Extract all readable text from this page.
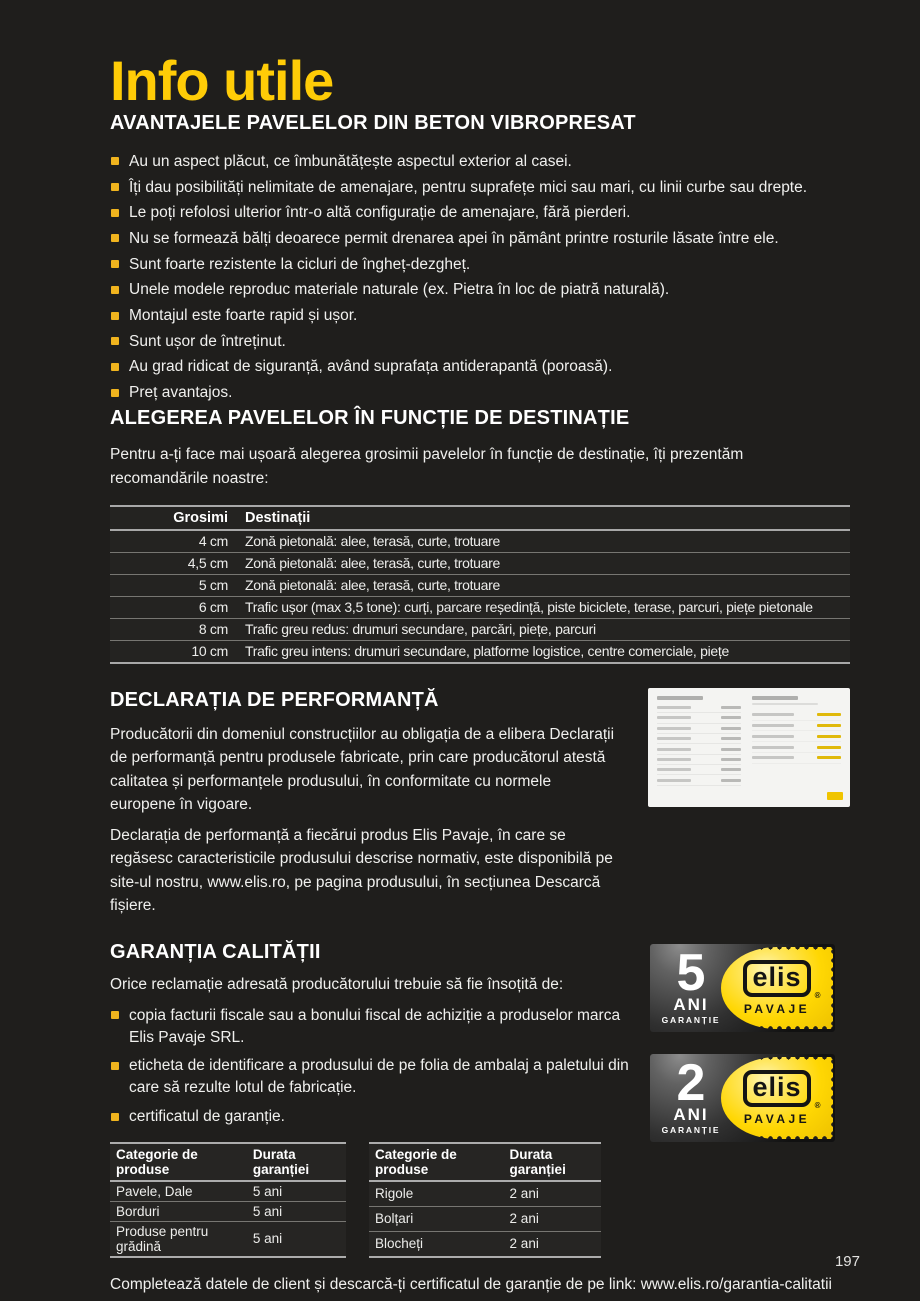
Info utile
AVANTAJELE PAVELELOR DIN BETON VIBROPRESAT
Au un aspect plăcut, ce îmbunătățește aspectul exterior al casei.
Îți dau posibilități nelimitate de amenajare, pentru suprafețe mici sau mari, cu linii curbe sau drepte.
Le poți refolosi ulterior într-o altă configurație de amenajare, fără pierderi.
Nu se formează bălți deoarece permit drenarea apei în pământ printre rosturile lăsate între ele.
Sunt foarte rezistente la cicluri de îngheț-dezgheț.
Unele modele reproduc materiale naturale (ex. Pietra în loc de piatră naturală).
Montajul este foarte rapid și ușor.
Sunt ușor de întreținut.
Au grad ridicat de siguranță, având suprafața antiderapantă (poroasă).
Preț avantajos.
ALEGEREA PAVELELOR ÎN FUNCȚIE DE DESTINAȚIE

Pentru a-ți face mai ușoară alegerea grosimii pavelelor în funcție de destinație, îți prezentăm recomandările noastre:

Grosimi	Destinații
4 cm	Zonă pietonală: alee, terasă, curte, trotuare
4,5 cm	Zonă pietonală: alee, terasă, curte, trotuare
5 cm	Zonă pietonală: alee, terasă, curte, trotuare
6 cm	Trafic ușor (max 3,5 tone): curți, parcare reședință, piste biciclete, terase, parcuri, piețe pietonale
8 cm	Trafic greu redus: drumuri secundare, parcări, piețe, parcuri
10 cm	Trafic greu intens: drumuri secundare, platforme logistice, centre comerciale, piețe
DECLARAȚIA DE PERFORMANȚĂ

Producătorii din domeniul construcțiilor au obligația de a elibera Declarații de performanță pentru produsele fabricate, prin care producătorul atestă calitatea și performanțele produsului, în conformitate cu normele europene în vigoare.

Declarația de performanță a fiecărui produs Elis Pavaje, în care se regăsesc caracteristicile produsului descrise normativ, este disponibilă pe site-ul nostru, www.elis.ro, pe pagina produsului, în secțiunea Descarcă fișiere.

GARANȚIA CALITĂȚII

Orice reclamație adresată producătorului trebuie să fie însoțită de:

copia facturii fiscale sau a bonului fiscal de achiziție a produselor marca Elis Pavaje SRL.
eticheta de identificare a produsului de pe folia de ambalaj a paletului din care să rezulte lotul de fabricație.
certificatul de garanție.
5
ANI
GARANȚIE
elis
®
PAVAJE
2
ANI
GARANȚIE
elis
®
PAVAJE
Categorie de produse	Durata garanției
Pavele, Dale	5 ani
Borduri	5 ani
Produse pentru grădină	5 ani
Categorie de produse	Durata garanției
Rigole	2 ani
Bolțari	2 ani
Blocheți	2 ani

Completează datele de client și descarcă-ți certificatul de garanție de pe link: www.elis.ro/garantia-calitatii

197
